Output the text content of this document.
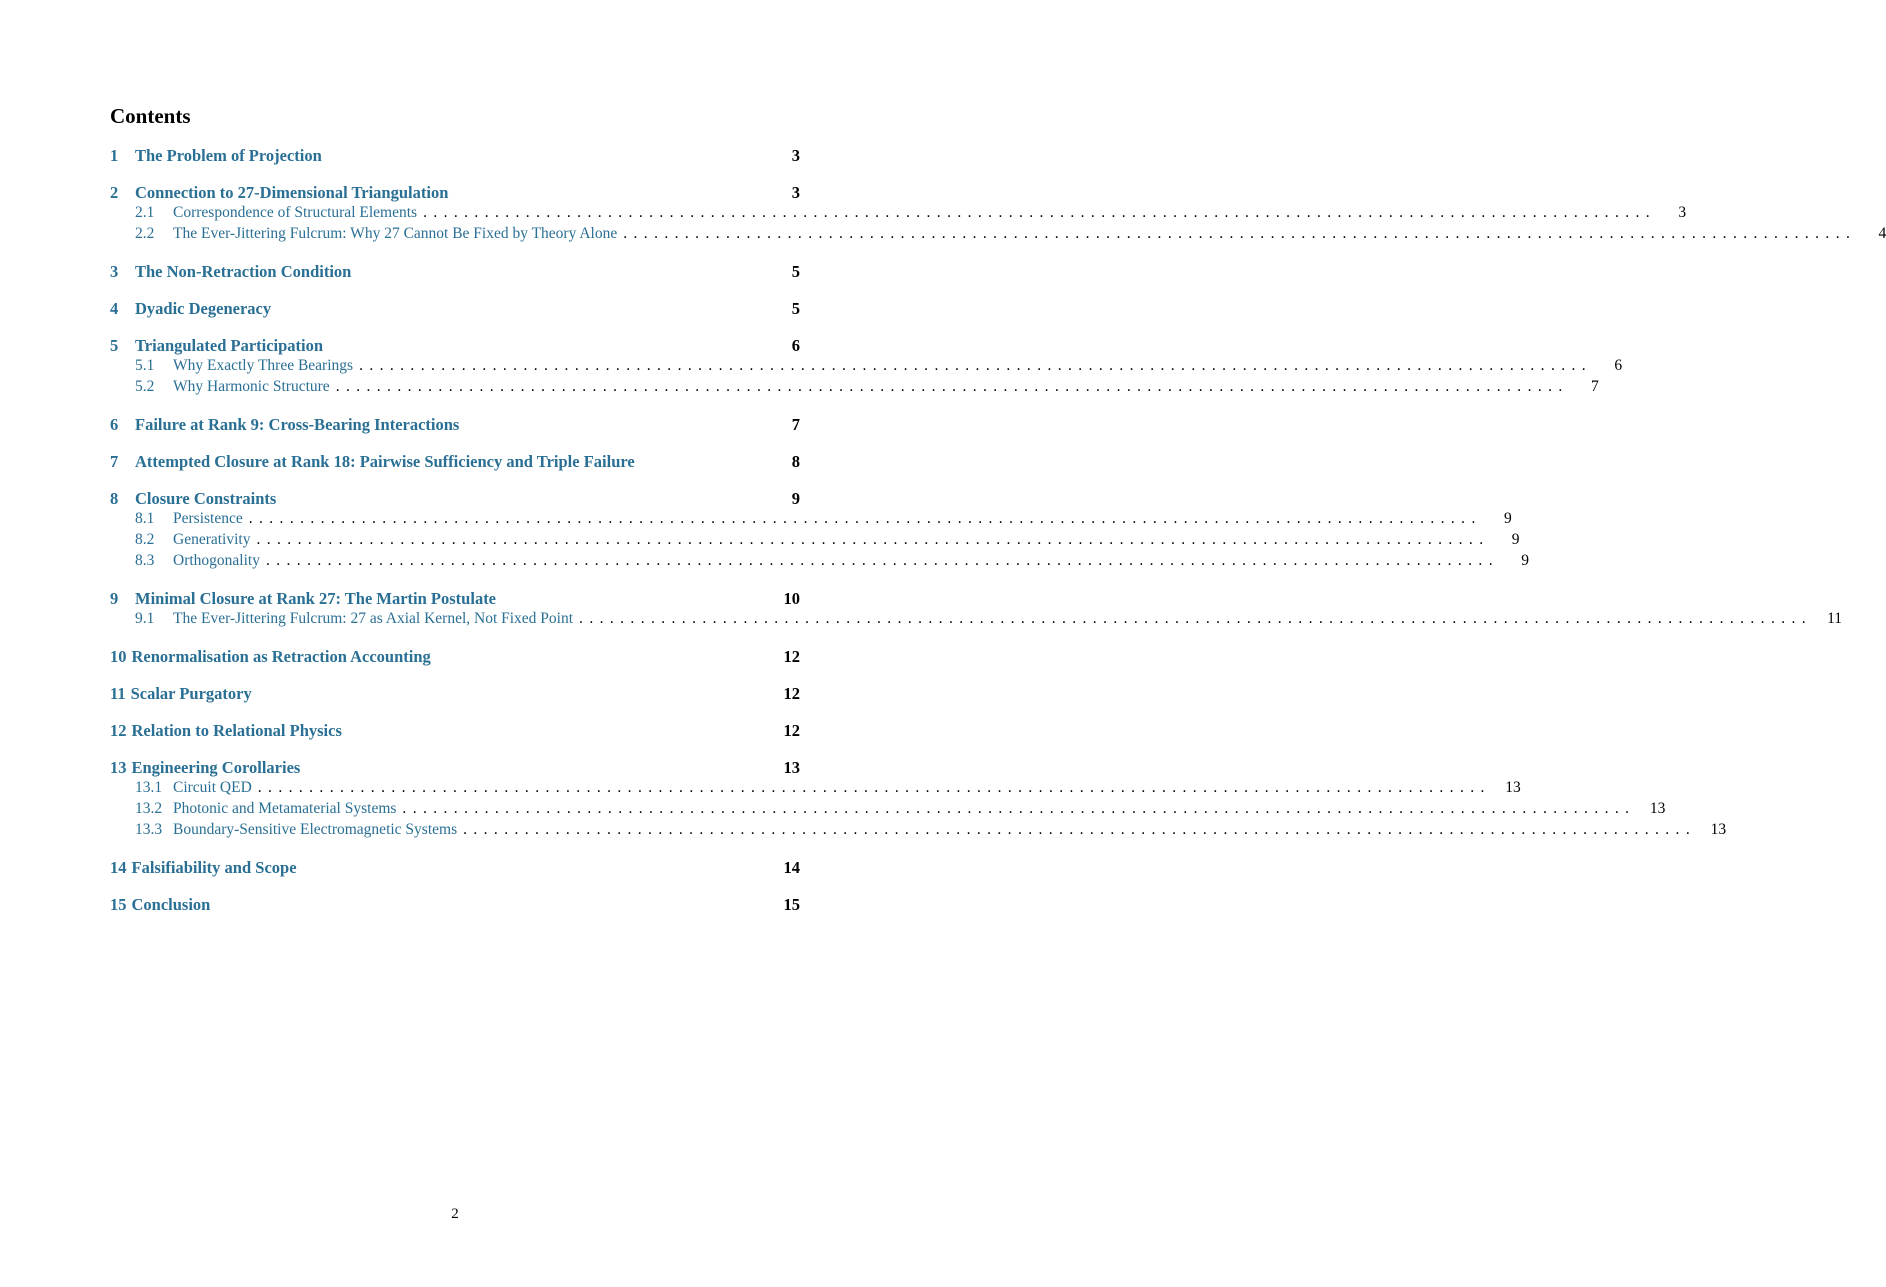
Contents
1	The Problem of Projection	3
2	Connection to 27-Dimensional Triangulation	3
2.1	Correspondence of Structural Elements ........................................................................................................................	3
2.2	The Ever-Jittering Fulcrum: Why 27 Cannot Be Fixed by Theory Alone ........................................................................................................................	4
3	The Non-Retraction Condition	5
4	Dyadic Degeneracy	5
5	Triangulated Participation	6
5.1	Why Exactly Three Bearings ........................................................................................................................	6
5.2	Why Harmonic Structure ........................................................................................................................	7
6	Failure at Rank 9: Cross-Bearing Interactions	7
7	Attempted Closure at Rank 18: Pairwise Sufficiency and Triple Failure	8
8	Closure Constraints	9
8.1	Persistence ........................................................................................................................	9
8.2	Generativity ........................................................................................................................	9
8.3	Orthogonality ........................................................................................................................	9
9	Minimal Closure at Rank 27: The Martin Postulate	10
9.1	The Ever-Jittering Fulcrum: 27 as Axial Kernel, Not Fixed Point ........................................................................................................................ 11
10 Renormalisation as Retraction Accounting	12
11 Scalar Purgatory	12
12 Relation to Relational Physics	12
13 Engineering Corollaries	13
13.1 Circuit QED ........................................................................................................................ 13
13.2 Photonic and Metamaterial Systems ........................................................................................................................ 13
13.3 Boundary-Sensitive Electromagnetic Systems ........................................................................................................................ 13
14 Falsifiability and Scope	14
15 Conclusion	15
2
